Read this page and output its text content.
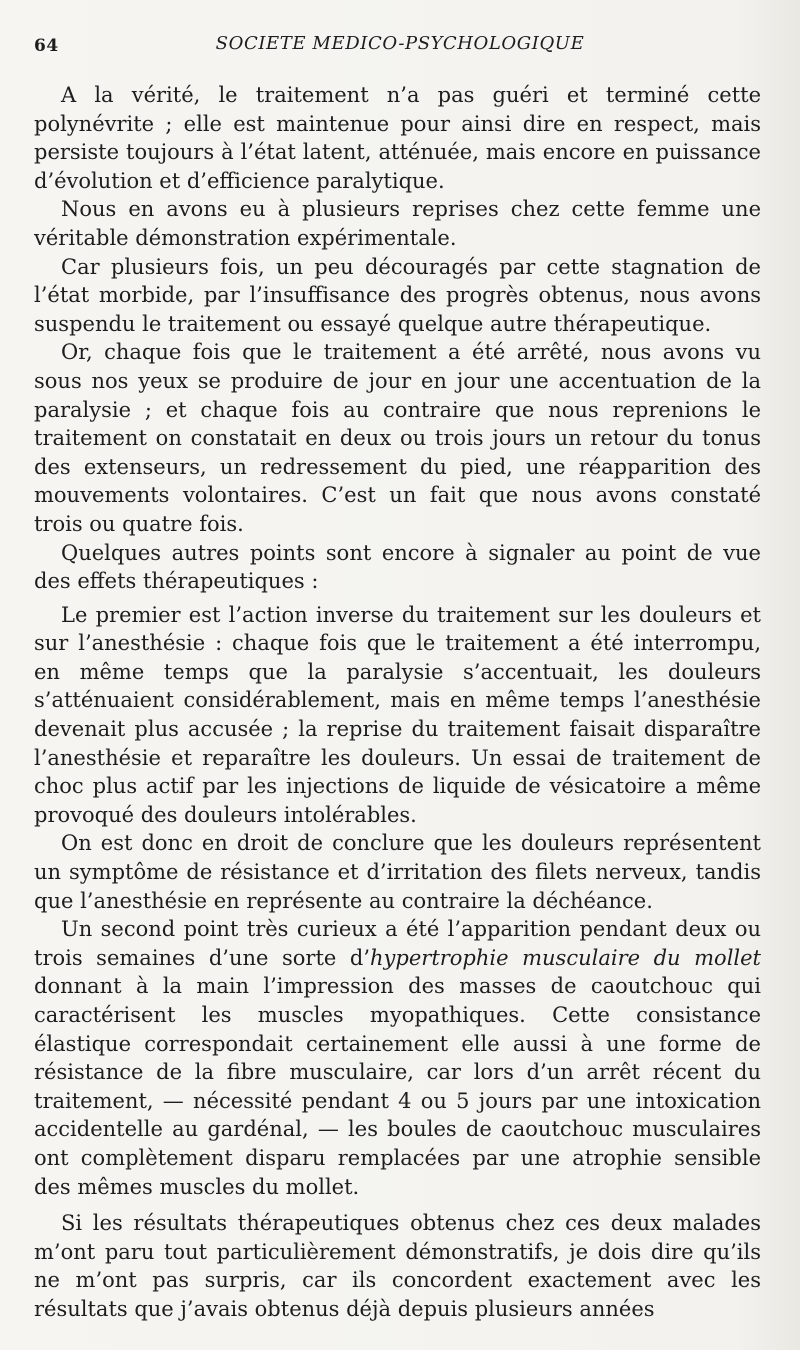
64	SOCIETE MEDICO-PSYCHOLOGIQUE

A la vérité, le traitement n’a pas guéri et terminé cette polynévrite ; elle est maintenue pour ainsi dire en respect, mais persiste toujours à l’état latent, atténuée, mais encore en puissance d’évolution et d’efficience paralytique.

Nous en avons eu à plusieurs reprises chez cette femme une véritable démonstration expérimentale.

Car plusieurs fois, un peu découragés par cette stagnation de l’état morbide, par l’insuffisance des progrès obtenus, nous avons suspendu le traitement ou essayé quelque autre thérapeutique.

Or, chaque fois que le traitement a été arrêté, nous avons vu sous nos yeux se produire de jour en jour une accentuation de la paralysie ; et chaque fois au contraire que nous reprenions le traitement on constatait en deux ou trois jours un retour du tonus des extenseurs, un redressement du pied, une réapparition des mouvements volontaires. C’est un fait que nous avons constaté trois ou quatre fois.

Quelques autres points sont encore à signaler au point de vue des effets thérapeutiques :

Le premier est l’action inverse du traitement sur les douleurs et sur l’anesthésie : chaque fois que le traitement a été interrompu, en même temps que la paralysie s’accentuait, les douleurs s’atténuaient considérablement, mais en même temps l’anesthésie devenait plus accusée ; la reprise du traitement faisait disparaître l’anesthésie et reparaître les douleurs. Un essai de traitement de choc plus actif par les injections de liquide de vésicatoire a même provoqué des douleurs intolérables.

On est donc en droit de conclure que les douleurs représentent un symptôme de résistance et d’irritation des filets nerveux, tandis que l’anesthésie en représente au contraire la déchéance.

Un second point très curieux a été l’apparition pendant deux ou trois semaines d’une sorte d’hypertrophie musculaire du mollet donnant à la main l’impression des masses de caoutchouc qui caractérisent les muscles myopathiques. Cette consistance élastique correspondait certainement elle aussi à une forme de résistance de la fibre musculaire, car lors d’un arrêt récent du traitement, — nécessité pendant 4 ou 5 jours par une intoxication accidentelle au gardénal, — les boules de caoutchouc musculaires ont complètement disparu remplacées par une atrophie sensible des mêmes muscles du mollet.

Si les résultats thérapeutiques obtenus chez ces deux malades m’ont paru tout particulièrement démonstratifs, je dois dire qu’ils ne m’ont pas surpris, car ils concordent exactement avec les résultats que j’avais obtenus déjà depuis plusieurs années
